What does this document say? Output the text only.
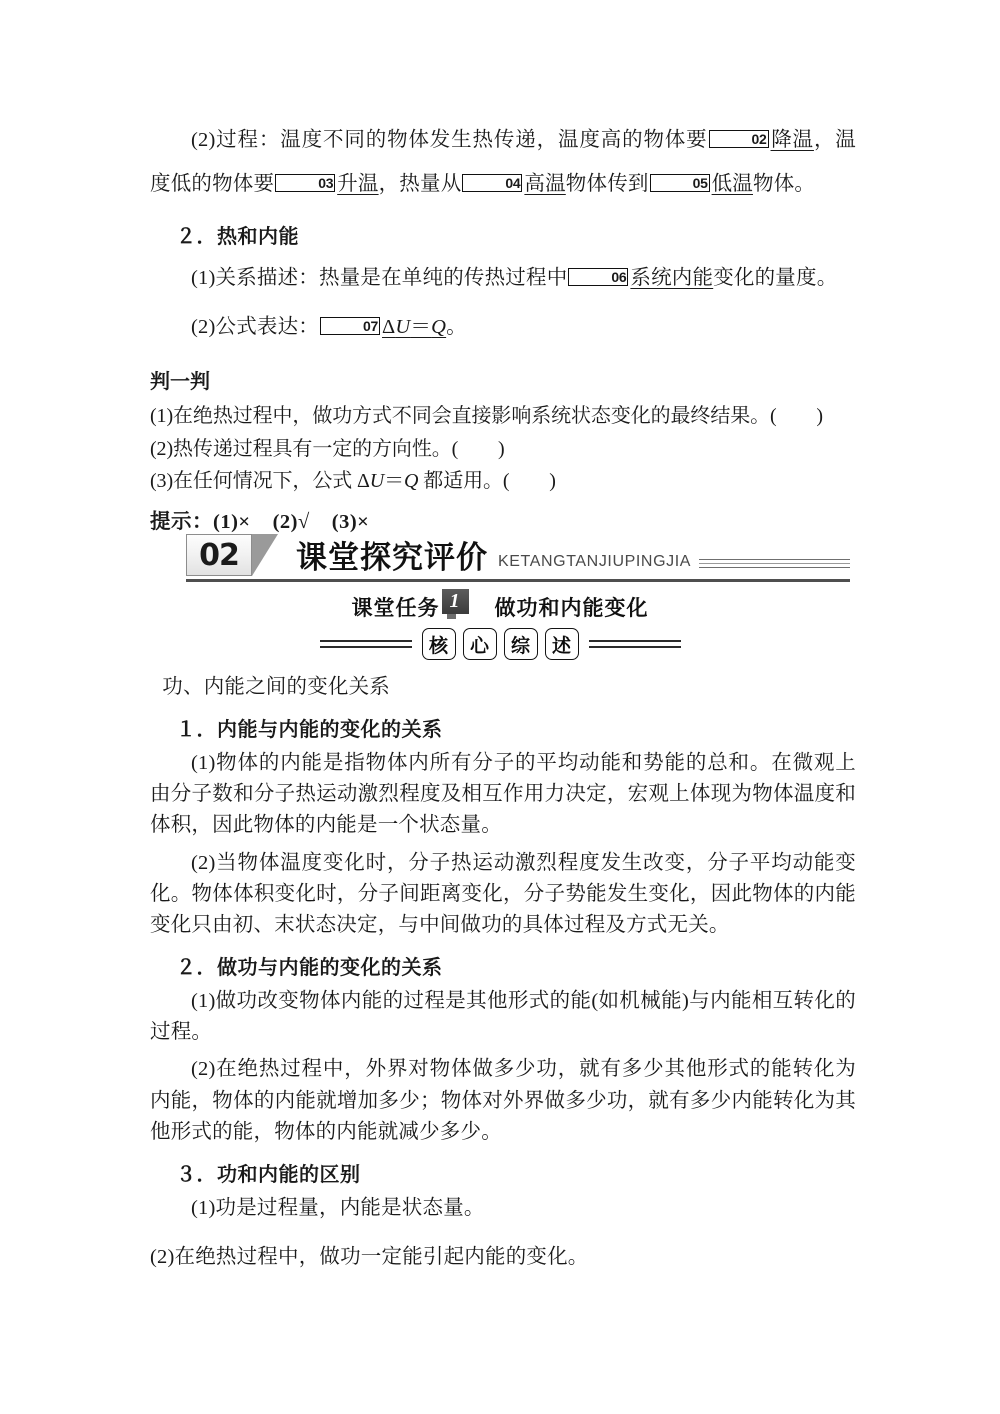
(2)过程：温度不同的物体发生热传递，温度高的物体要	02 降温，温度低的物体要	03 升温，热量从	04 高温物体传到	05 低温物体。

２．热和内能

(1)关系描述：热量是在单纯的传热过程中	06 系统内能变化的量度。

(2)公式表达：	07 ΔU＝Q。

判一判

(1)在绝热过程中，做功方式不同会直接影响系统状态变化的最终结果。(　　)

(2)热传递过程具有一定的方向性。(　　)

(3)在任何情况下，公式 ΔU＝Q 都适用。(　　)

提示：(1)× (2)√ (3)×

02	课堂探究评价 KETANGTANJIUPINGJIA
课堂任务 1	做功和内能变化
核	心	综	述

功、内能之间的变化关系

１．内能与内能的变化的关系

(1)物体的内能是指物体内所有分子的平均动能和势能的总和。在微观上由分子数和分子热运动激烈程度及相互作用力决定，宏观上体现为物体温度和体积，因此物体的内能是一个状态量。

(2)当物体温度变化时，分子热运动激烈程度发生改变，分子平均动能变化。物体体积变化时，分子间距离变化，分子势能发生变化，因此物体的内能变化只由初、末状态决定，与中间做功的具体过程及方式无关。

２．做功与内能的变化的关系

(1)做功改变物体内能的过程是其他形式的能(如机械能)与内能相互转化的过程。

(2)在绝热过程中，外界对物体做多少功，就有多少其他形式的能转化为内能，物体的内能就增加多少；物体对外界做多少功，就有多少内能转化为其他形式的能，物体的内能就减少多少。

３．功和内能的区别

(1)功是过程量，内能是状态量。

(2)在绝热过程中，做功一定能引起内能的变化。
